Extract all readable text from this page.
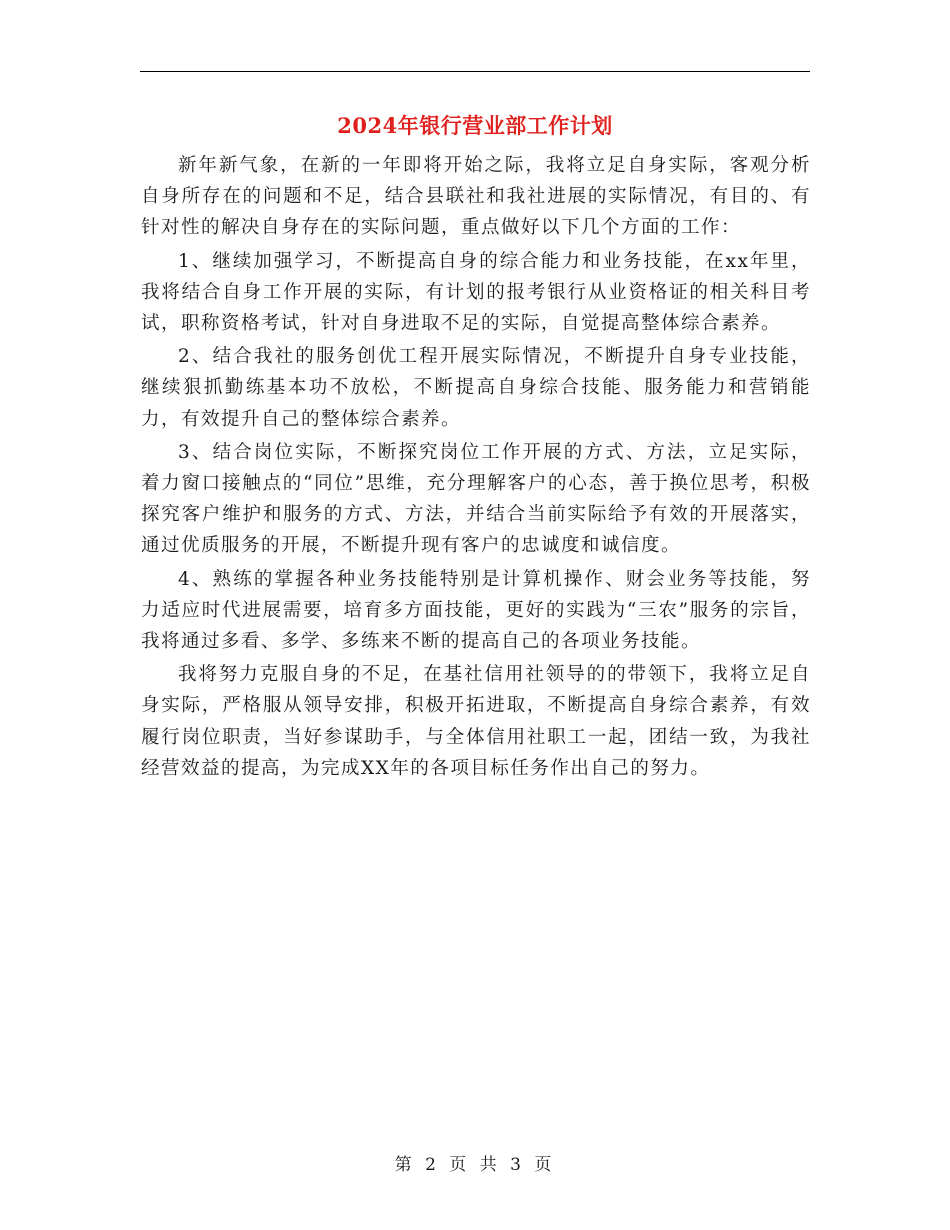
2024年银行营业部工作计划

新年新气象，在新的一年即将开始之际，我将立足自身实际，客观分析自身所存在的问题和不足，结合县联社和我社进展的实际情况，有目的、有针对性的解决自身存在的实际问题，重点做好以下几个方面的工作：

1、继续加强学习，不断提高自身的综合能力和业务技能，在xx年里，我将结合自身工作开展的实际，有计划的报考银行从业资格证的相关科目考试，职称资格考试，针对自身进取不足的实际，自觉提高整体综合素养。

2、结合我社的服务创优工程开展实际情况，不断提升自身专业技能，继续狠抓勤练基本功不放松，不断提高自身综合技能、服务能力和营销能力，有效提升自己的整体综合素养。

3、结合岗位实际，不断探究岗位工作开展的方式、方法，立足实际，着力窗口接触点的“同位”思维，充分理解客户的心态，善于换位思考，积极探究客户维护和服务的方式、方法，并结合当前实际给予有效的开展落实，通过优质服务的开展，不断提升现有客户的忠诚度和诚信度。

4、熟练的掌握各种业务技能特别是计算机操作、财会业务等技能，努力适应时代进展需要，培育多方面技能，更好的实践为“三农”服务的宗旨，我将通过多看、多学、多练来不断的提高自己的各项业务技能。

我将努力克服自身的不足，在基社信用社领导的的带领下，我将立足自身实际，严格服从领导安排，积极开拓进取，不断提高自身综合素养，有效履行岗位职责，当好参谋助手，与全体信用社职工一起，团结一致，为我社经营效益的提高，为完成XX年的各项目标任务作出自己的努力。

第 2 页 共 3 页
